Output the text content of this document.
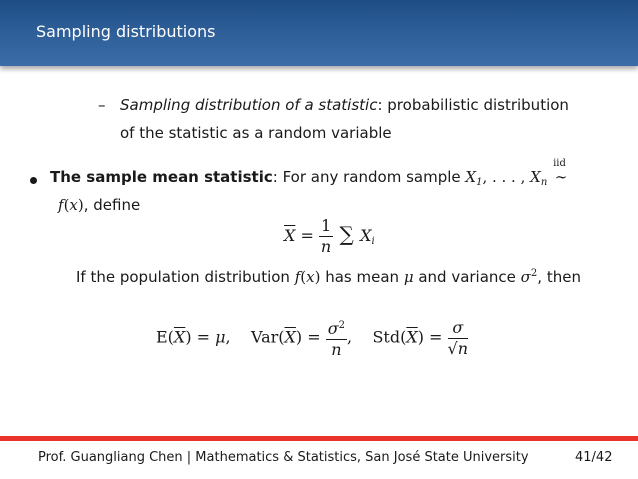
Sampling distributions
– Sampling distribution of a statistic: probabilistic distribution
of the statistic as a random variable
The sample mean statistic: For any random sample $X_1$, . . . , $X_n$
iid
∼
f(x), define
$\overline{X} = \frac{1}{n}$ ∑ $X_i$
If the population distribution f(x) has mean μ and variance $\sigma^2$, then
$E(\overline{X}) = \mu$,    $Var(\overline{X}) = \frac{\sigma^2}{n}$ ,    $Std(\overline{X}) = \frac{\sigma}{√n}$
Prof. Guangliang Chen | Mathematics & Statistics, San José State University	41/42
